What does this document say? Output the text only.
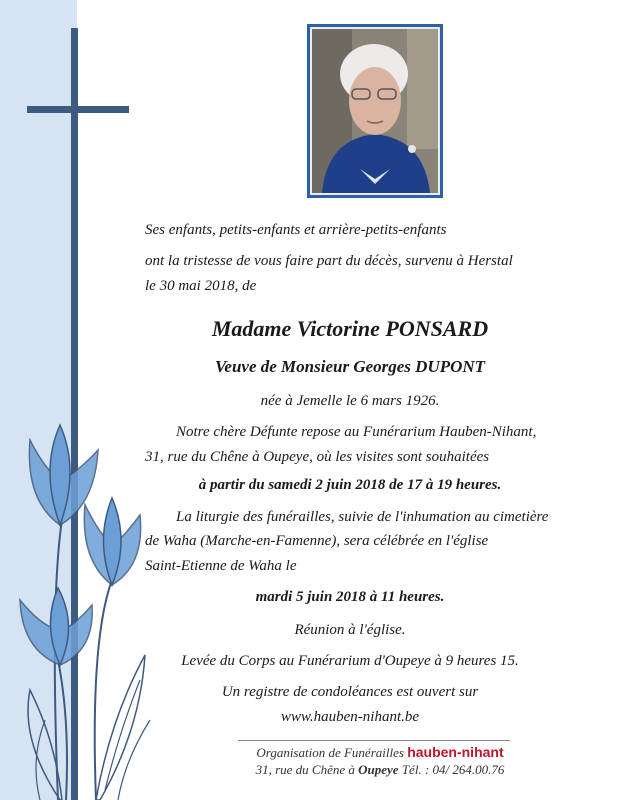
Ses enfants, petits-enfants et arrière-petits-enfants
ont la tristesse de vous faire part du décès, survenu à Herstal
le 30 mai 2018, de
Madame Victorine PONSARD
Veuve de Monsieur Georges DUPONT
née à Jemelle le 6 mars 1926.
Notre chère Défunte repose au Funérarium Hauben-Nihant,
31, rue du Chêne à Oupeye, où les visites sont souhaitées
à partir du samedi 2 juin 2018 de 17 à 19 heures.
La liturgie des funérailles, suivie de l'inhumation au cimetière
de Waha (Marche-en-Famenne), sera célébrée en l'église
Saint-Etienne de Waha le
mardi 5 juin 2018 à 11 heures.
Réunion à l'église.
Levée du Corps au Funérarium d'Oupeye à 9 heures 15.
Un registre de condoléances est ouvert sur
www.hauben-nihant.be
Organisation de Funérailles hauben-nihant
31, rue du Chêne à Oupeye Tél. : 04/ 264.00.76
